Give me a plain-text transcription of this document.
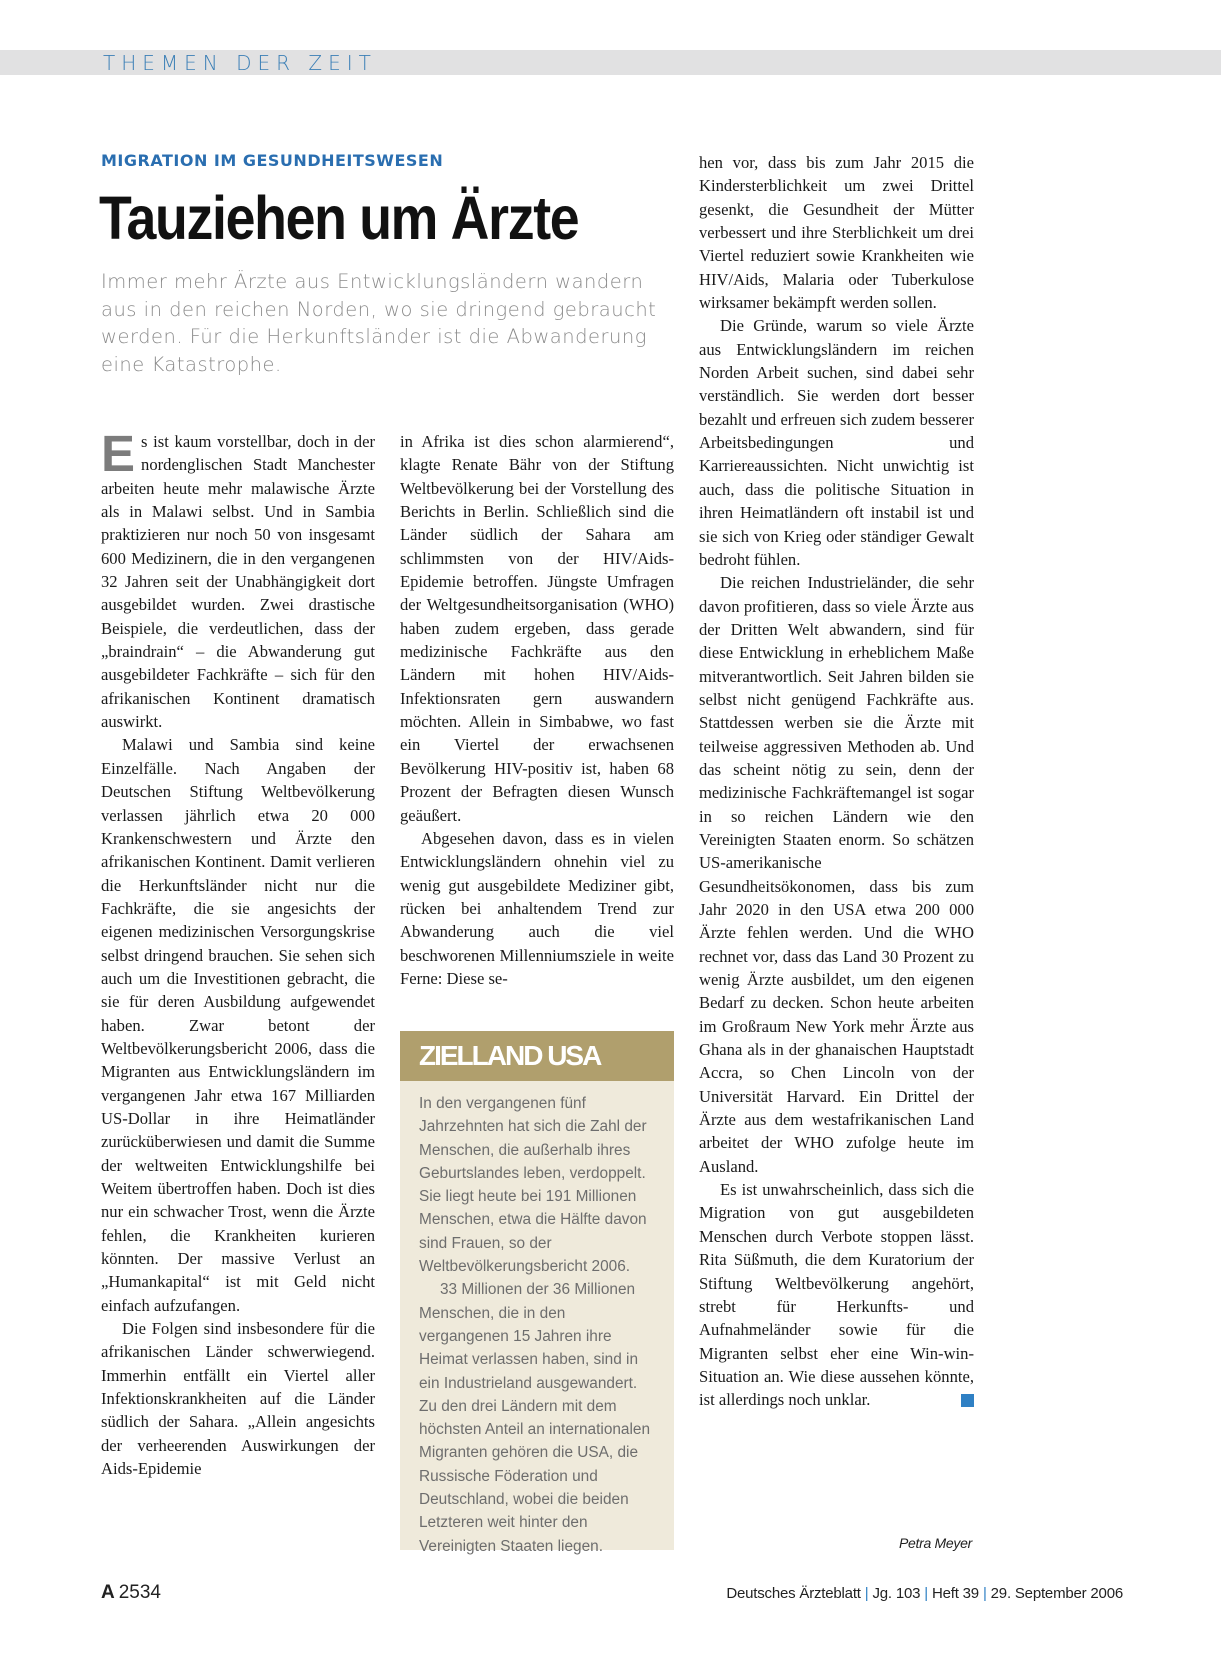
THEMEN DER ZEIT
MIGRATION IM GESUNDHEITSWESEN
Tauziehen um Ärzte

Immer mehr Ärzte aus Entwicklungsländern wandern aus in den reichen Norden, wo sie dringend gebraucht werden. Für die Herkunftsländer ist die Abwanderung eine Katastrophe.

Es ist kaum vorstellbar, doch in der nordenglischen Stadt Manchester arbeiten heute mehr malawische Ärzte als in Malawi selbst. Und in Sambia praktizieren nur noch 50 von insgesamt 600 Medizinern, die in den vergangenen 32 Jahren seit der Unabhängigkeit dort ausgebildet wurden. Zwei drastische Beispiele, die verdeutlichen, dass der „braindrain“ – die Abwanderung gut ausgebildeter Fachkräfte – sich für den afrikanischen Kontinent dramatisch auswirkt.

Malawi und Sambia sind keine Einzelfälle. Nach Angaben der Deutschen Stiftung Weltbevölkerung verlassen jährlich etwa 20 000 Krankenschwestern und Ärzte den afrikanischen Kontinent. Damit verlieren die Herkunftsländer nicht nur die Fachkräfte, die sie angesichts der eigenen medizinischen Versorgungskrise selbst dringend brauchen. Sie sehen sich auch um die Investitionen gebracht, die sie für deren Ausbildung aufgewendet haben. Zwar betont der Weltbevölkerungsbericht 2006, dass die Migranten aus Entwicklungsländern im vergangenen Jahr etwa 167 Milliarden US-Dollar in ihre Heimatländer zurücküberwiesen und damit die Summe der weltweiten Entwicklungshilfe bei Weitem übertroffen haben. Doch ist dies nur ein schwacher Trost, wenn die Ärzte fehlen, die Krankheiten kurieren könnten. Der massive Verlust an „Humankapital“ ist mit Geld nicht einfach aufzufangen.

Die Folgen sind insbesondere für die afrikanischen Länder schwerwiegend. Immerhin entfällt ein Viertel aller Infektionskrankheiten auf die Länder südlich der Sahara. „Allein angesichts der verheerenden Auswirkungen der Aids-Epidemie

in Afrika ist dies schon alarmierend“, klagte Renate Bähr von der Stiftung Weltbevölkerung bei der Vorstellung des Berichts in Berlin. Schließlich sind die Länder südlich der Sahara am schlimmsten von der HIV/Aids-Epidemie betroffen. Jüngste Umfragen der Weltgesundheitsorganisation (WHO) haben zudem ergeben, dass gerade medizinische Fachkräfte aus den Ländern mit hohen HIV/Aids-Infektionsraten gern auswandern möchten. Allein in Simbabwe, wo fast ein Viertel der erwachsenen Bevölkerung HIV-positiv ist, haben 68 Prozent der Befragten diesen Wunsch geäußert.

Abgesehen davon, dass es in vielen Entwicklungsländern ohnehin viel zu wenig gut ausgebildete Mediziner gibt, rücken bei anhaltendem Trend zur Abwanderung auch die viel beschworenen Millenniumsziele in weite Ferne: Diese se-

ZIELLAND USA

In den vergangenen fünf Jahrzehnten hat sich die Zahl der Menschen, die außerhalb ihres Geburtslandes leben, verdoppelt. Sie liegt heute bei 191 Millionen Menschen, etwa die Hälfte davon sind Frauen, so der Weltbevölkerungsbericht 2006.

33 Millionen der 36 Millionen Menschen, die in den vergangenen 15 Jahren ihre Heimat verlassen haben, sind in ein Industrieland ausgewandert. Zu den drei Ländern mit dem höchsten Anteil an internationalen Migranten gehören die USA, die Russische Föderation und Deutschland, wobei die beiden Letzteren weit hinter den Vereinigten Staaten liegen.

hen vor, dass bis zum Jahr 2015 die Kindersterblichkeit um zwei Drittel gesenkt, die Gesundheit der Mütter verbessert und ihre Sterblichkeit um drei Viertel reduziert sowie Krankheiten wie HIV/Aids, Malaria oder Tuberkulose wirksamer bekämpft werden sollen.

Die Gründe, warum so viele Ärzte aus Entwicklungsländern im reichen Norden Arbeit suchen, sind dabei sehr verständlich. Sie werden dort besser bezahlt und erfreuen sich zudem besserer Arbeitsbedingungen und Karriereaussichten. Nicht unwichtig ist auch, dass die politische Situation in ihren Heimatländern oft instabil ist und sie sich von Krieg oder ständiger Gewalt bedroht fühlen.

Die reichen Industrieländer, die sehr davon profitieren, dass so viele Ärzte aus der Dritten Welt abwandern, sind für diese Entwicklung in erheblichem Maße mitverantwortlich. Seit Jahren bilden sie selbst nicht genügend Fachkräfte aus. Stattdessen werben sie die Ärzte mit teilweise aggressiven Methoden ab. Und das scheint nötig zu sein, denn der medizinische Fachkräftemangel ist sogar in so reichen Ländern wie den Vereinigten Staaten enorm. So schätzen US-amerikanische Gesundheitsökonomen, dass bis zum Jahr 2020 in den USA etwa 200 000 Ärzte fehlen werden. Und die WHO rechnet vor, dass das Land 30 Prozent zu wenig Ärzte ausbildet, um den eigenen Bedarf zu decken. Schon heute arbeiten im Großraum New York mehr Ärzte aus Ghana als in der ghanaischen Hauptstadt Accra, so Chen Lincoln von der Universität Harvard. Ein Drittel der Ärzte aus dem westafrikanischen Land arbeitet der WHO zufolge heute im Ausland.

Es ist unwahrscheinlich, dass sich die Migration von gut ausgebildeten Menschen durch Verbote stoppen lässt. Rita Süßmuth, die dem Kuratorium der Stiftung Weltbevölkerung angehört, strebt für Herkunfts- und Aufnahmeländer sowie für die Migranten selbst eher eine Win-win-Situation an. Wie diese aussehen könnte, ist allerdings noch unklar.

Petra Meyer
A 2534	Deutsches Ärzteblatt | Jg. 103 | Heft 39 | 29. September 2006
